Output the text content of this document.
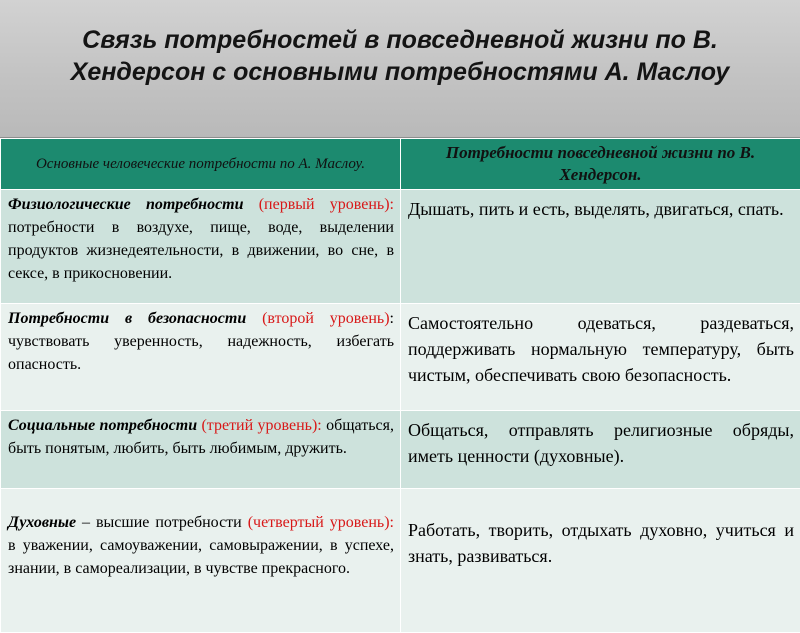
Связь потребностей в повседневной жизни по В. Хендерсон с основными потребностями А. Маслоу
Основные человеческие потребности по А. Маслоу.	Потребности повседневной жизни по В. Хендерсон.
Физиологические потребности (первый уровень): потребности в воздухе, пище, воде, выделении продуктов жизнедеятельности, в движении, во сне, в сексе, в прикосновении.	Дышать, пить и есть, выделять, двигаться, спать.
Потребности в безопасности (второй уровень): чувствовать уверенность, надежность, избегать опасность.	Самостоятельно одеваться, раздеваться, поддерживать нормальную температуру, быть чистым, обеспечивать свою безопасность.
Социальные потребности (третий уровень): общаться, быть понятым, любить, быть любимым, дружить.	Общаться, отправлять религиозные обряды, иметь ценности (духовные).
Духовные – высшие потребности (четвертый уровень): в уважении, самоуважении, самовыражении, в успехе, знании, в самореализации, в чувстве прекрасного.	Работать, творить, отдыхать духовно, учиться и знать, развиваться.
